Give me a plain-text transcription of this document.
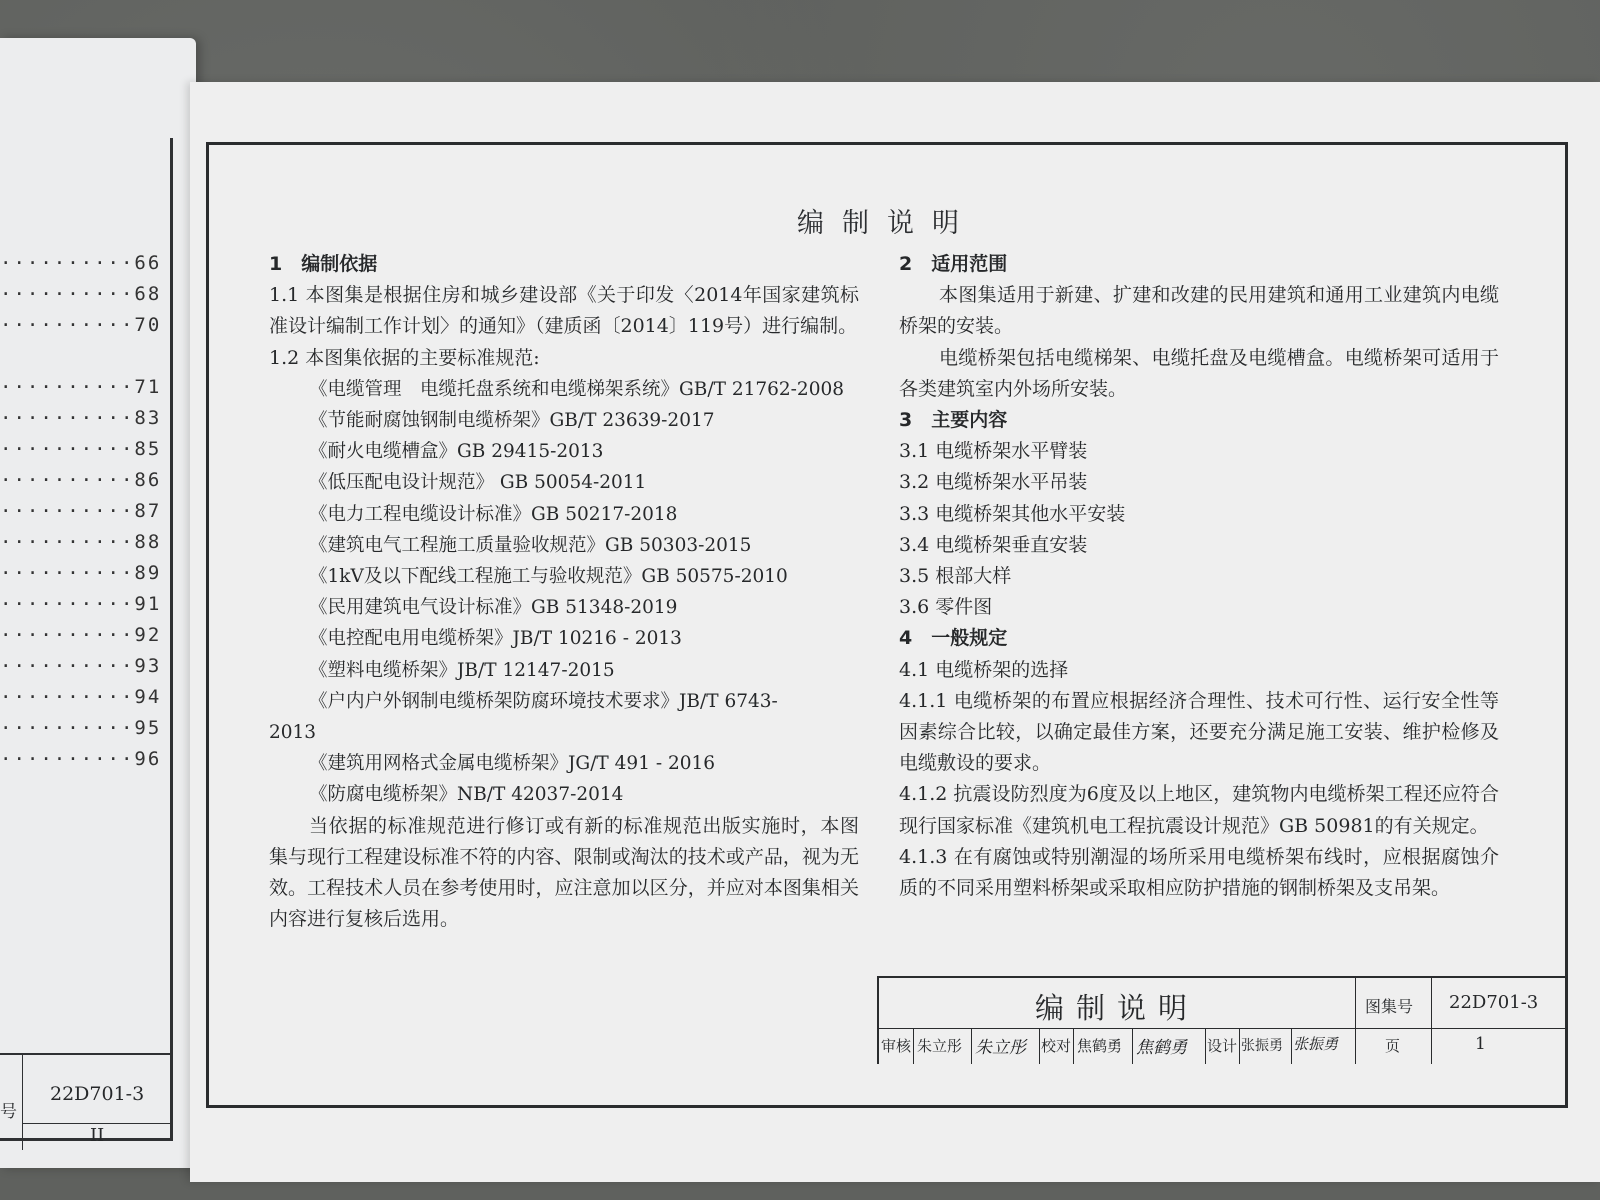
··········66
··········68
··········70
··········71
··········83
··········85
··········86
··········87
··········88
··········89
··········91
··········92
··········93
··········94
··········95
··········96
号
22D701-3
II
编制说明

1　编制依据

1.1 本图集是根据住房和城乡建设部《关于印发〈2014年国家建筑标准设计编制工作计划〉的通知》（建质函〔2014〕119号）进行编制。

1.2 本图集依据的主要标准规范:

《电缆管理　电缆托盘系统和电缆梯架系统》GB/T 21762-2008

《节能耐腐蚀钢制电缆桥架》GB/T 23639-2017

《耐火电缆槽盒》GB 29415-2013

《低压配电设计规范》 GB 50054-2011

《电力工程电缆设计标准》GB 50217-2018

《建筑电气工程施工质量验收规范》GB 50303-2015

《1kV及以下配线工程施工与验收规范》GB 50575-2010

《民用建筑电气设计标准》GB 51348-2019

《电控配电用电缆桥架》JB/T 10216 - 2013

《塑料电缆桥架》JB/T 12147-2015

《户内户外钢制电缆桥架防腐环境技术要求》JB/T 6743-

2013

《建筑用网格式金属电缆桥架》JG/T 491 - 2016

《防腐电缆桥架》NB/T 42037-2014

当依据的标准规范进行修订或有新的标准规范出版实施时，本图集与现行工程建设标准不符的内容、限制或淘汰的技术或产品，视为无效。工程技术人员在参考使用时，应注意加以区分，并应对本图集相关内容进行复核后选用。

2　适用范围

本图集适用于新建、扩建和改建的民用建筑和通用工业建筑内电缆桥架的安装。

电缆桥架包括电缆梯架、电缆托盘及电缆槽盒。电缆桥架可适用于各类建筑室内外场所安装。

3　主要内容

3.1 电缆桥架水平臂装

3.2 电缆桥架水平吊装

3.3 电缆桥架其他水平安装

3.4 电缆桥架垂直安装

3.5 根部大样

3.6 零件图

4　一般规定

4.1 电缆桥架的选择

4.1.1 电缆桥架的布置应根据经济合理性、技术可行性、运行安全性等因素综合比较，以确定最佳方案，还要充分满足施工安装、维护检修及电缆敷设的要求。

4.1.2 抗震设防烈度为6度及以上地区，建筑物内电缆桥架工程还应符合现行国家标准《建筑机电工程抗震设计规范》GB 50981的有关规定。

4.1.3 在有腐蚀或特别潮湿的场所采用电缆桥架布线时，应根据腐蚀介质的不同采用塑料桥架或采取相应防护措施的钢制桥架及支吊架。

编制说明	图集号 22D701-3
审核 朱立彤 朱立彤 校对 焦鹤勇 焦鹤勇 设计 张振勇 张振勇	页	1
